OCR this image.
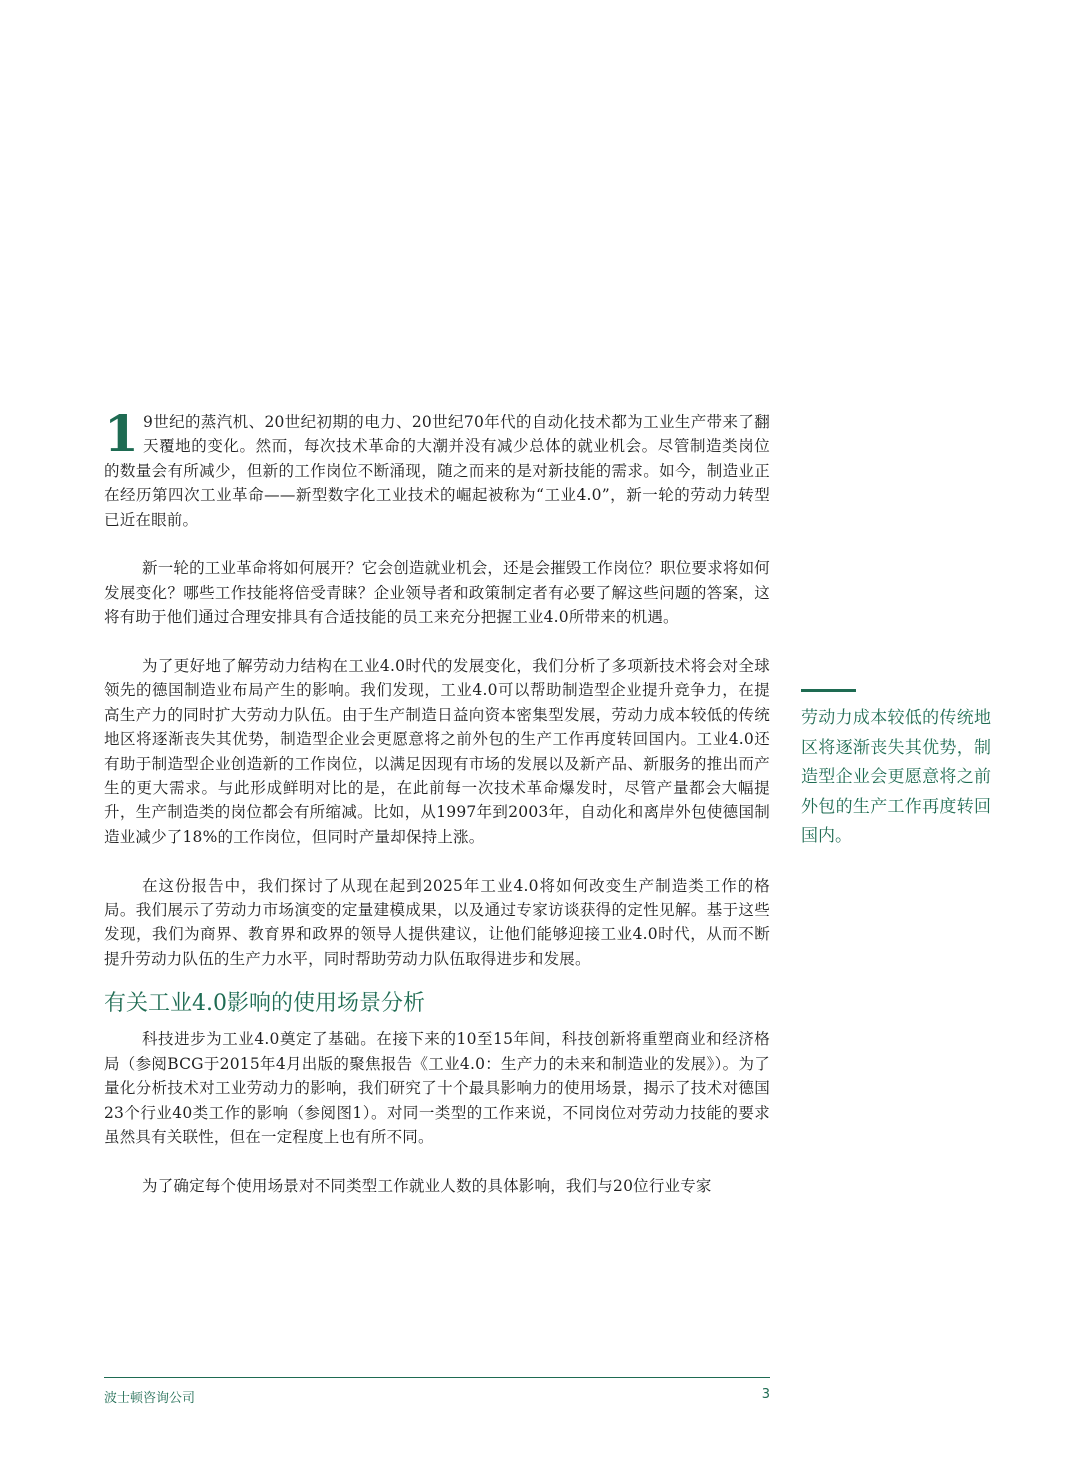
1 9世纪的蒸汽机、20世纪初期的电力、20世纪70年代的自动化技术都为工业生产带来了翻天覆地的变化。然而，每次技术革命的大潮并没有减少总体的就业机会。尽管制造类岗位的数量会有所减少，但新的工作岗位不断涌现，随之而来的是对新技能的需求。如今，制造业正在经历第四次工业革命——新型数字化工业技术的崛起被称为“工业4.0”，新一轮的劳动力转型已近在眼前。

新一轮的工业革命将如何展开？它会创造就业机会，还是会摧毁工作岗位？职位要求将如何发展变化？哪些工作技能将倍受青睐？企业领导者和政策制定者有必要了解这些问题的答案，这将有助于他们通过合理安排具有合适技能的员工来充分把握工业4.0所带来的机遇。

为了更好地了解劳动力结构在工业4.0时代的发展变化，我们分析了多项新技术将会对全球领先的德国制造业布局产生的影响。我们发现，工业4.0可以帮助制造型企业提升竞争力，在提高生产力的同时扩大劳动力队伍。由于生产制造日益向资本密集型发展，劳动力成本较低的传统地区将逐渐丧失其优势，制造型企业会更愿意将之前外包的生产工作再度转回国内。工业4.0还有助于制造型企业创造新的工作岗位，以满足因现有市场的发展以及新产品、新服务的推出而产生的更大需求。与此形成鲜明对比的是，在此前每一次技术革命爆发时，尽管产量都会大幅提升，生产制造类的岗位都会有所缩减。比如，从1997年到2003年，自动化和离岸外包使德国制造业减少了18%的工作岗位，但同时产量却保持上涨。

在这份报告中，我们探讨了从现在起到2025年工业4.0将如何改变生产制造类工作的格局。我们展示了劳动力市场演变的定量建模成果，以及通过专家访谈获得的定性见解。基于这些发现，我们为商界、教育界和政界的领导人提供建议，让他们能够迎接工业4.0时代，从而不断提升劳动力队伍的生产力水平，同时帮助劳动力队伍取得进步和发展。

有关工业4.0影响的使用场景分析

科技进步为工业4.0奠定了基础。在接下来的10至15年间，科技创新将重塑商业和经济格局（参阅BCG于2015年4月出版的聚焦报告《工业4.0：生产力的未来和制造业的发展》）。为了量化分析技术对工业劳动力的影响，我们研究了十个最具影响力的使用场景，揭示了技术对德国23个行业40类工作的影响（参阅图1）。对同一类型的工作来说，不同岗位对劳动力技能的要求虽然具有关联性，但在一定程度上也有所不同。

为了确定每个使用场景对不同类型工作就业人数的具体影响，我们与20位行业专家

劳动力成本较低的传统地区将逐渐丧失其优势，制造型企业会更愿意将之前外包的生产工作再度转回国内。

波士顿咨询公司	3
